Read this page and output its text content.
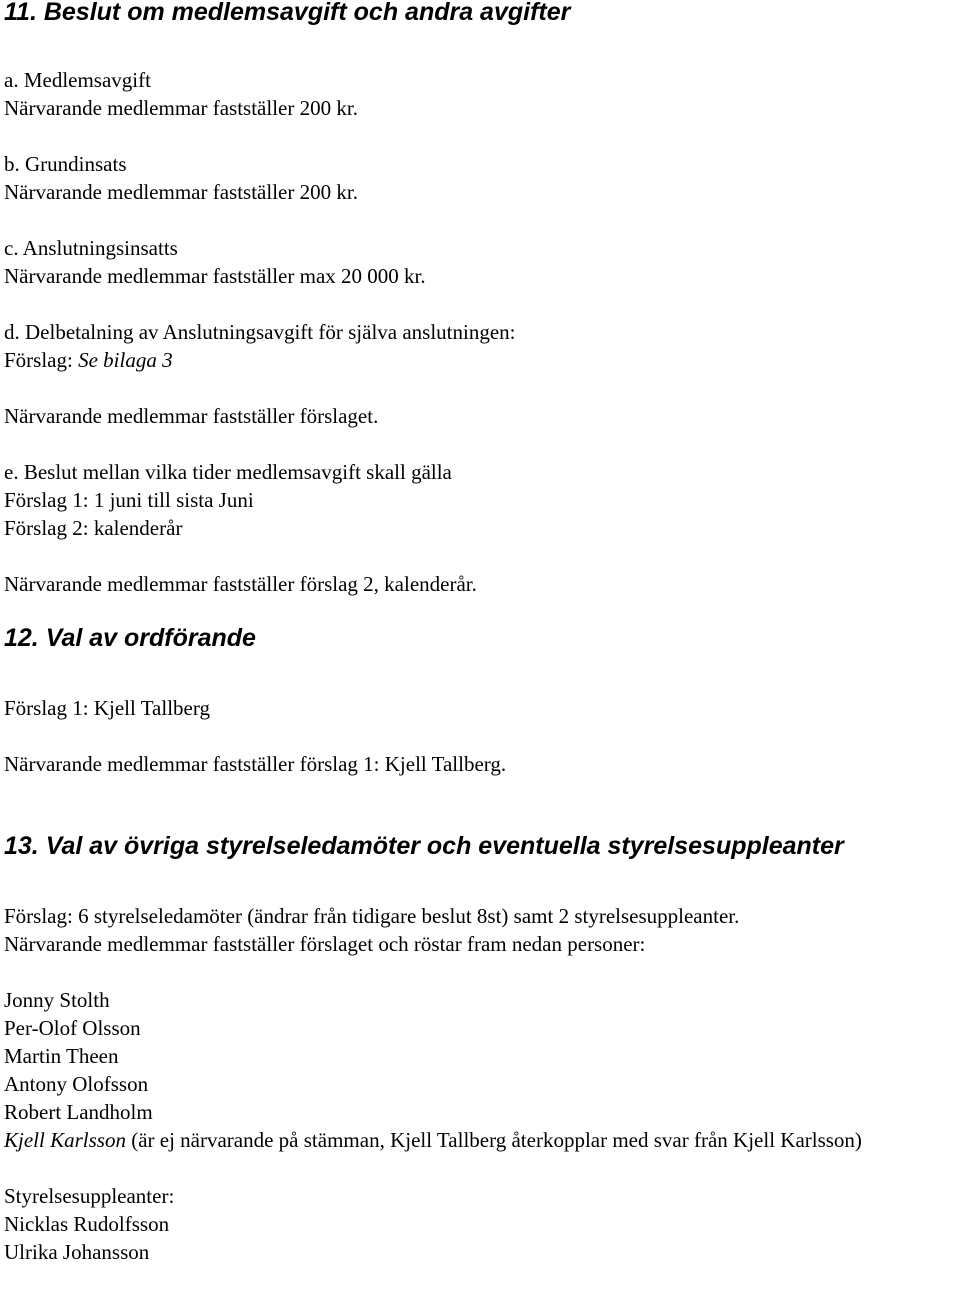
11. Beslut om medlemsavgift och andra avgifter

a. Medlemsavgift

Närvarande medlemmar fastställer 200 kr.

b. Grundinsats

Närvarande medlemmar fastställer 200 kr.

c. Anslutningsinsatts

Närvarande medlemmar fastställer max 20 000 kr.

d. Delbetalning av Anslutningsavgift för själva anslutningen:

Förslag: Se bilaga 3

Närvarande medlemmar fastställer förslaget.

e. Beslut mellan vilka tider medlemsavgift skall gälla

Förslag 1: 1 juni till sista Juni

Förslag 2: kalenderår

Närvarande medlemmar fastställer förslag 2, kalenderår.

12. Val av ordförande

Förslag 1: Kjell Tallberg

Närvarande medlemmar fastställer förslag 1: Kjell Tallberg.

13. Val av övriga styrelseledamöter och eventuella styrelsesuppleanter

Förslag: 6 styrelseledamöter (ändrar från tidigare beslut 8st) samt 2 styrelsesuppleanter.

Närvarande medlemmar fastställer förslaget och röstar fram nedan personer:

Jonny Stolth

Per-Olof Olsson

Martin Theen

Antony Olofsson

Robert Landholm

Kjell Karlsson (är ej närvarande på stämman, Kjell Tallberg återkopplar med svar från Kjell Karlsson)

Styrelsesuppleanter:

Nicklas Rudolfsson

Ulrika Johansson
